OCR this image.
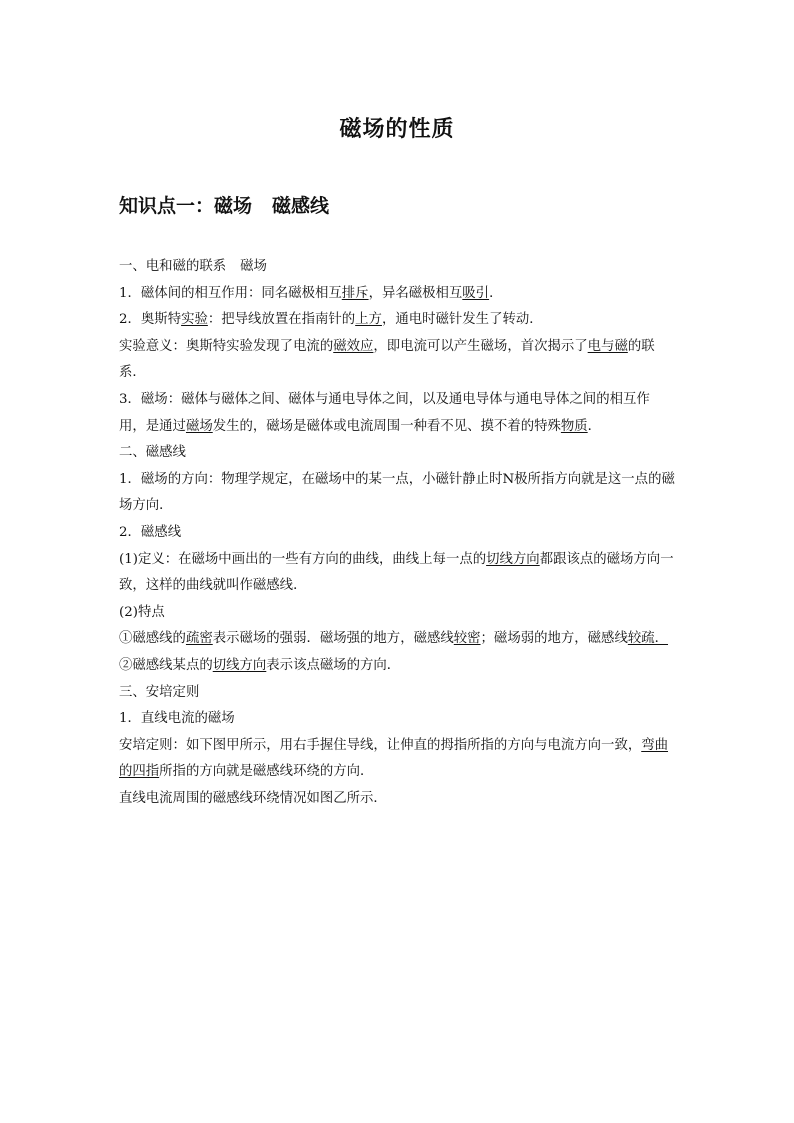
磁场的性质
知识点一：磁场 磁感线

一、电和磁的联系 磁场

1．磁体间的相互作用：同名磁极相互排斥，异名磁极相互吸引．

2．奥斯特实验：把导线放置在指南针的上方，通电时磁针发生了转动．

实验意义：奥斯特实验发现了电流的磁效应，即电流可以产生磁场，首次揭示了电与磁的联系．

3．磁场：磁体与磁体之间、磁体与通电导体之间，以及通电导体与通电导体之间的相互作用，是通过磁场发生的，磁场是磁体或电流周围一种看不见、摸不着的特殊物质．

二、磁感线

1．磁场的方向：物理学规定，在磁场中的某一点，小磁针静止时N极所指方向就是这一点的磁场方向．

2．磁感线

(1)定义：在磁场中画出的一些有方向的曲线，曲线上每一点的切线方向都跟该点的磁场方向一致，这样的曲线就叫作磁感线．

(2)特点

①磁感线的疏密表示磁场的强弱．磁场强的地方，磁感线较密；磁场弱的地方，磁感线较疏．

②磁感线某点的切线方向表示该点磁场的方向．

三、安培定则

1．直线电流的磁场

安培定则：如下图甲所示，用右手握住导线，让伸直的拇指所指的方向与电流方向一致，弯曲的四指所指的方向就是磁感线环绕的方向．

直线电流周围的磁感线环绕情况如图乙所示．
